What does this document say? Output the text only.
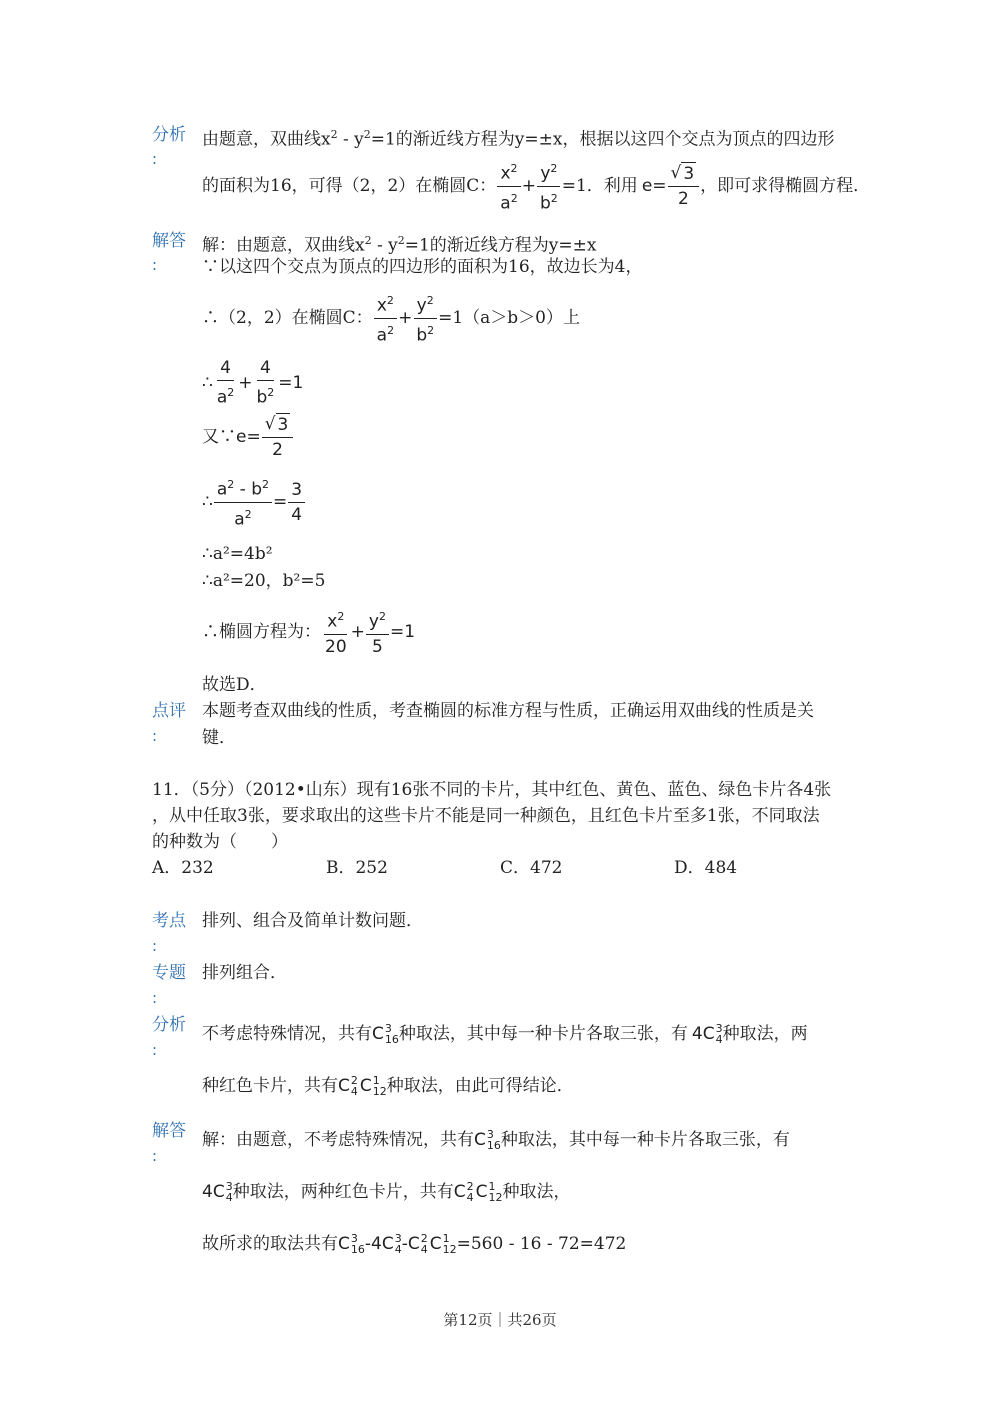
分析
:
由题意，双曲线$x^2 - y^2=1$的渐近线方程为y=±x，根据以这四个交点为顶点的四边形
的面积为16，可得（2，2）在椭圆C： $\frac{x^2}{a^2} + \frac{y^2}{b^2} =1$．利用 $e= \frac{√ 3}{2}$ ，即可求得椭圆方程．
解答
:
解：由题意，双曲线$x^2 - y^2=1$的渐近线方程为y=±x
∵以这四个交点为顶点的四边形的面积为16，故边长为4，
∴（2，2）在椭圆C： $\frac{x^2}{a^2} + \frac{y^2}{b^2} =1(a>b>0)$上
∴ $\frac{4}{a^2} + \frac{4}{b^2} =1$
又∵ $e= \frac{√ 3}{2}$
∴ $\frac{a^2 - b^2}{a^2} = \frac{3}{4}$
∴a²=4b²
∴a²=20，b²=5
∴椭圆方程为： $\frac{x^2}{20} + \frac{y^2}{5} =1$
故选D．
点评
:
本题考查双曲线的性质，考查椭圆的标准方程与性质，正确运用双曲线的性质是关
键．
11．（5分）（2012•山东）现有16张不同的卡片，其中红色、黄色、蓝色、绿色卡片各4张
，从中任取3张，要求取出的这些卡片不能是同一种颜色，且红色卡片至多1张，不同取法
的种数为（　　）
A．232	B．252	C．472	D．484
考点
:
排列、组合及简单计数问题．
专题
:
排列组合．
分析
:
不考虑特殊情况，共有 C 3
16 种取法，其中每一种卡片各取三张，有 4 C 3
4 种取法，两
种红色卡片，共有 C 2
4 C 1
12 种取法，由此可得结论．
解答
:
解：由题意，不考虑特殊情况，共有 C 3
16 种取法，其中每一种卡片各取三张，有
4 C 3
4 种取法，两种红色卡片，共有 C 2
4 C 1
12 种取法，
故所求的取法共有 C 3
16 - 4 C 3
4 - C 2
4 C 1
12 =560 - 16 - 72=472
第12页｜共26页
